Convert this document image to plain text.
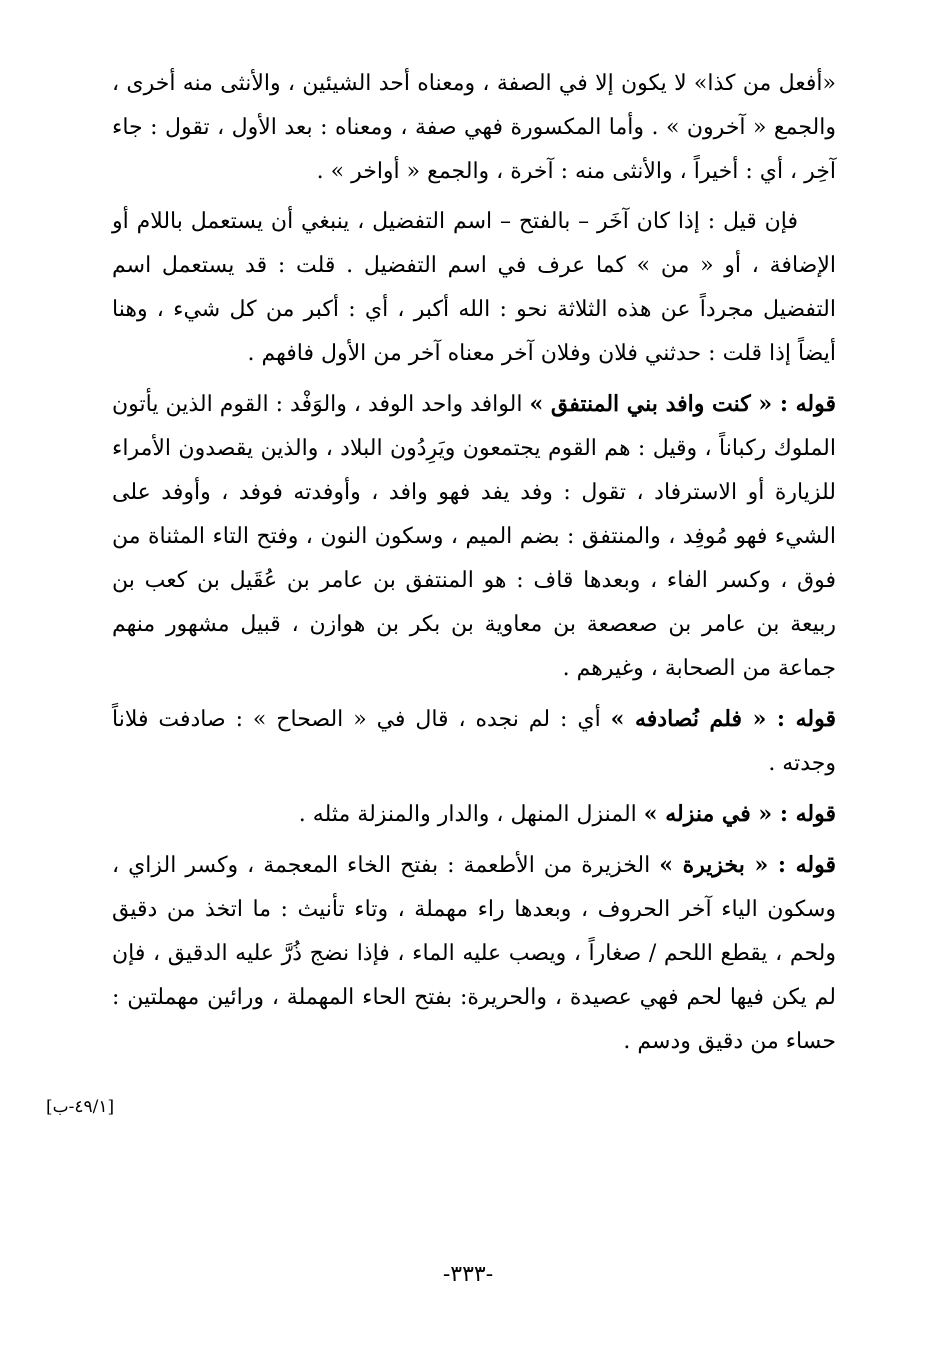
«أفعل من كذا» لا يكون إلا في الصفة ، ومعناه أحد الشيئين ، والأنثى منه أخرى ، والجمع « آخرون » . وأما المكسورة فهي صفة ، ومعناه : بعد الأول ، تقول : جاء آخِر ، أي : أخيراً ، والأنثى منه : آخرة ، والجمع « أواخر » .

فإن قيل : إذا كان آخَر – بالفتح – اسم التفضيل ، ينبغي أن يستعمل باللام أو الإضافة ، أو « من » كما عرف في اسم التفضيل . قلت : قد يستعمل اسم التفضيل مجرداً عن هذه الثلاثة نحو : الله أكبر ، أي : أكبر من كل شيء ، وهنا أيضاً إذا قلت : حدثني فلان وفلان آخر معناه آخر من الأول فافهم .

قوله : « كنت وافد بني المنتفق » الوافد واحد الوفد ، والوَفْد : القوم الذين يأتون الملوك ركباناً ، وقيل : هم القوم يجتمعون ويَرِدُون البلاد ، والذين يقصدون الأمراء للزيارة أو الاسترفاد ، تقول : وفد يفد فهو وافد ، وأوفدته فوفد ، وأوفد على الشيء فهو مُوفِد ، والمنتفق : بضم الميم ، وسكون النون ، وفتح التاء المثناة من فوق ، وكسر الفاء ، وبعدها قاف : هو المنتفق بن عامر بن عُقَيل بن كعب بن ربيعة بن عامر بن صعصعة بن معاوية بن بكر بن هوازن ، قبيل مشهور منهم جماعة من الصحابة ، وغيرهم .

قوله : « فلم نُصادفه » أي : لم نجده ، قال في « الصحاح » : صادفت فلاناً وجدته .

قوله : « في منزله » المنزل المنهل ، والدار والمنزلة مثله .

قوله : « بخزيرة » الخزيرة من الأطعمة : بفتح الخاء المعجمة ، وكسر الزاي ، وسكون الياء آخر الحروف ، وبعدها راء مهملة ، وتاء تأنيث : ما اتخذ من دقيق ولحم ، يقطع اللحم / صغاراً ، ويصب عليه الماء ، فإذا نضج ذُرَّ عليه الدقيق ، فإن لم يكن فيها لحم فهي عصيدة ، والحريرة: بفتح الحاء المهملة ، ورائين مهملتين : حساء من دقيق ودسم .

[٤٩/١-ب]
-٣٣٣-
